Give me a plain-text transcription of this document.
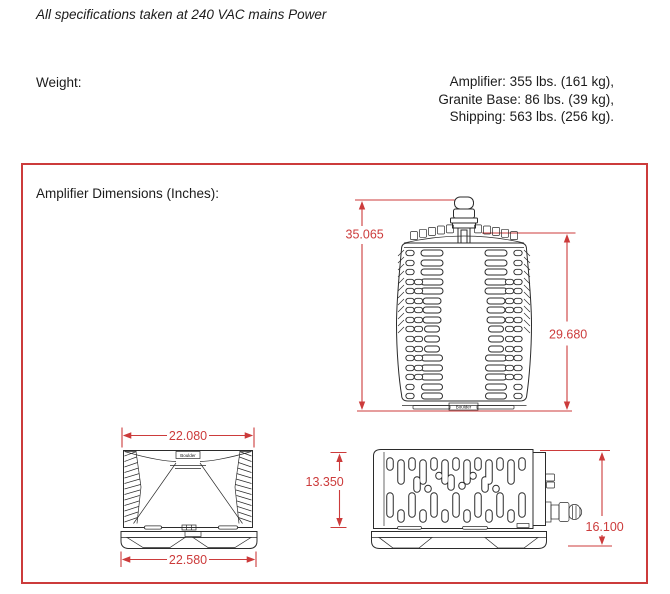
All specifications taken at 240 VAC mains Power
Weight:	Amplifier: 355 lbs. (161 kg),
Granite Base: 86 lbs. (39 kg),
Shipping: 563 lbs. (256 kg).
Amplifier Dimensions (Inches):
35.065
29.680
Boulder
22.080
22.580
Boulder
13.350
16.100
